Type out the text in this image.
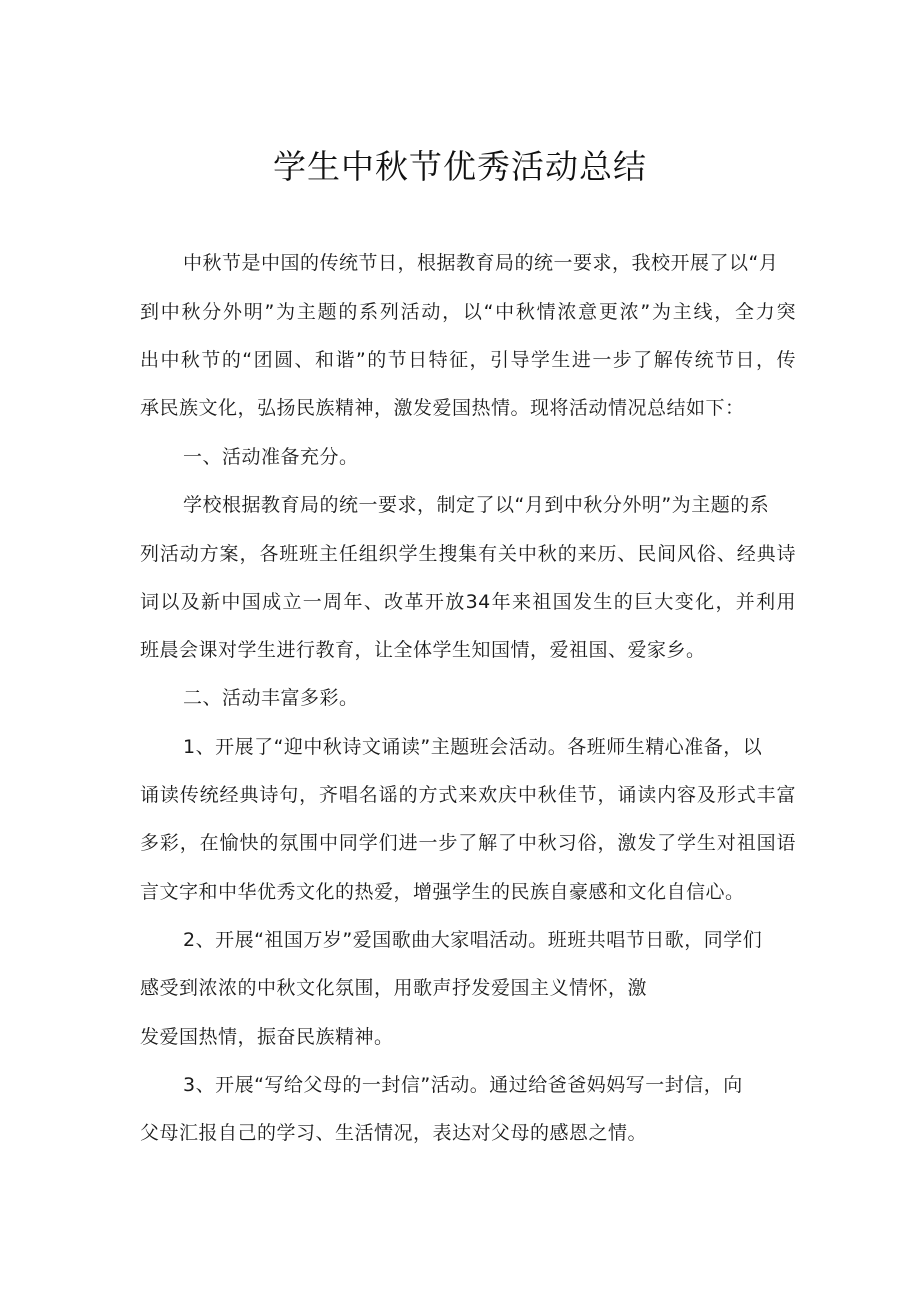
学生中秋节优秀活动总结

中秋节是中国的传统节日，根据教育局的统一要求，我校开展了以“月

到中秋分外明”为主题的系列活动，以“中秋情浓意更浓”为主线，全力突

出中秋节的“团圆、和谐”的节日特征，引导学生进一步了解传统节日，传

承民族文化，弘扬民族精神，激发爱国热情。现将活动情况总结如下：

一、活动准备充分。

学校根据教育局的统一要求，制定了以“月到中秋分外明”为主题的系

列活动方案，各班班主任组织学生搜集有关中秋的来历、民间风俗、经典诗

词以及新中国成立一周年、改革开放34年来祖国发生的巨大变化，并利用

班晨会课对学生进行教育，让全体学生知国情，爱祖国、爱家乡。

二、活动丰富多彩。

1、开展了“迎中秋诗文诵读”主题班会活动。各班师生精心准备，以

诵读传统经典诗句，齐唱名谣的方式来欢庆中秋佳节，诵读内容及形式丰富

多彩，在愉快的氛围中同学们进一步了解了中秋习俗，激发了学生对祖国语

言文字和中华优秀文化的热爱，增强学生的民族自豪感和文化自信心。

2、开展“祖国万岁”爱国歌曲大家唱活动。班班共唱节日歌，同学们

感受到浓浓的中秋文化氛围，用歌声抒发爱国主义情怀，激

发爱国热情，振奋民族精神。

3、开展“写给父母的一封信”活动。通过给爸爸妈妈写一封信，向

父母汇报自己的学习、生活情况，表达对父母的感恩之情。
